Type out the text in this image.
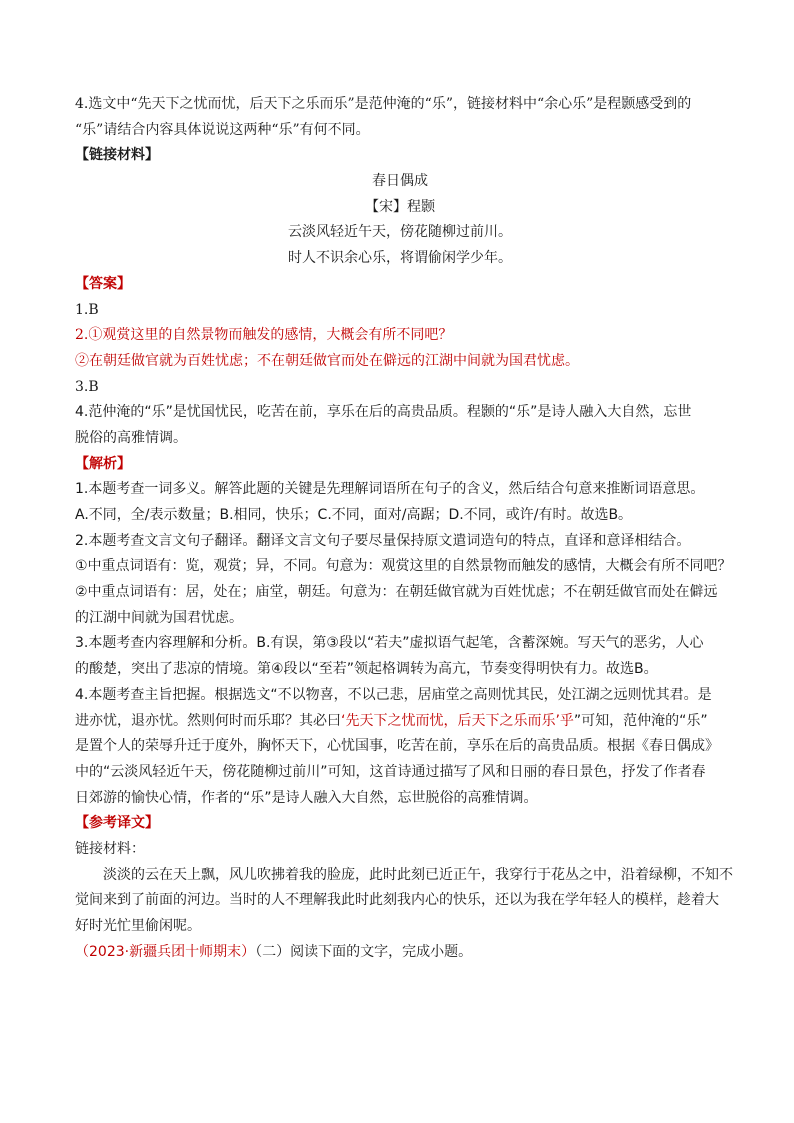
4.选文中“先天下之忧而忧，后天下之乐而乐”是范仲淹的“乐”，链接材料中“余心乐”是程颢感受到的
“乐”请结合内容具体说说这两种“乐”有何不同。
【链接材料】
春日偶成
【宋】程颢
云淡风轻近午天，傍花随柳过前川。
时人不识余心乐，将谓偷闲学少年。
【答案】
1.B
2.①观赏这里的自然景物而触发的感情，大概会有所不同吧？
②在朝廷做官就为百姓忧虑；不在朝廷做官而处在僻远的江湖中间就为国君忧虑。
3.B
4.范仲淹的“乐”是忧国忧民，吃苦在前，享乐在后的高贵品质。程颢的“乐”是诗人融入大自然，忘世
脱俗的高雅情调。
【解析】
1.本题考查一词多义。解答此题的关键是先理解词语所在句子的含义，然后结合句意来推断词语意思。
A.不同，全/表示数量；B.相同，快乐；C.不同，面对/高踞；D.不同，或许/有时。故选B。
2.本题考查文言文句子翻译。翻译文言文句子要尽量保持原文遣词造句的特点，直译和意译相结合。
①中重点词语有：览，观赏；异，不同。句意为：观赏这里的自然景物而触发的感情，大概会有所不同吧？
②中重点词语有：居，处在；庙堂，朝廷。句意为：在朝廷做官就为百姓忧虑；不在朝廷做官而处在僻远
的江湖中间就为国君忧虑。
3.本题考查内容理解和分析。B.有误，第③段以“若夫”虚拟语气起笔，含蓄深婉。写天气的恶劣，人心
的酸楚，突出了悲凉的情境。第④段以“至若”领起格调转为高亢，节奏变得明快有力。故选B。
4.本题考查主旨把握。根据选文“不以物喜，不以己悲，居庙堂之高则忧其民，处江湖之远则忧其君。是
进亦忧，退亦忧。然则何时而乐耶？其必曰‘先天下之忧而忧，后天下之乐而乐’乎”可知，范仲淹的“乐”
是置个人的荣辱升迁于度外，胸怀天下，心忧国事，吃苦在前，享乐在后的高贵品质。根据《春日偶成》
中的“云淡风轻近午天，傍花随柳过前川”可知，这首诗通过描写了风和日丽的春日景色，抒发了作者春
日郊游的愉快心情，作者的“乐”是诗人融入大自然，忘世脱俗的高雅情调。
【参考译文】
链接材料：
淡淡的云在天上飘，风儿吹拂着我的脸庞，此时此刻已近正午，我穿行于花丛之中，沿着绿柳，不知不
觉间来到了前面的河边。当时的人不理解我此时此刻我内心的快乐，还以为我在学年轻人的模样，趁着大
好时光忙里偷闲呢。
（2023·新疆兵团十师期末）（二）阅读下面的文字，完成小题。
